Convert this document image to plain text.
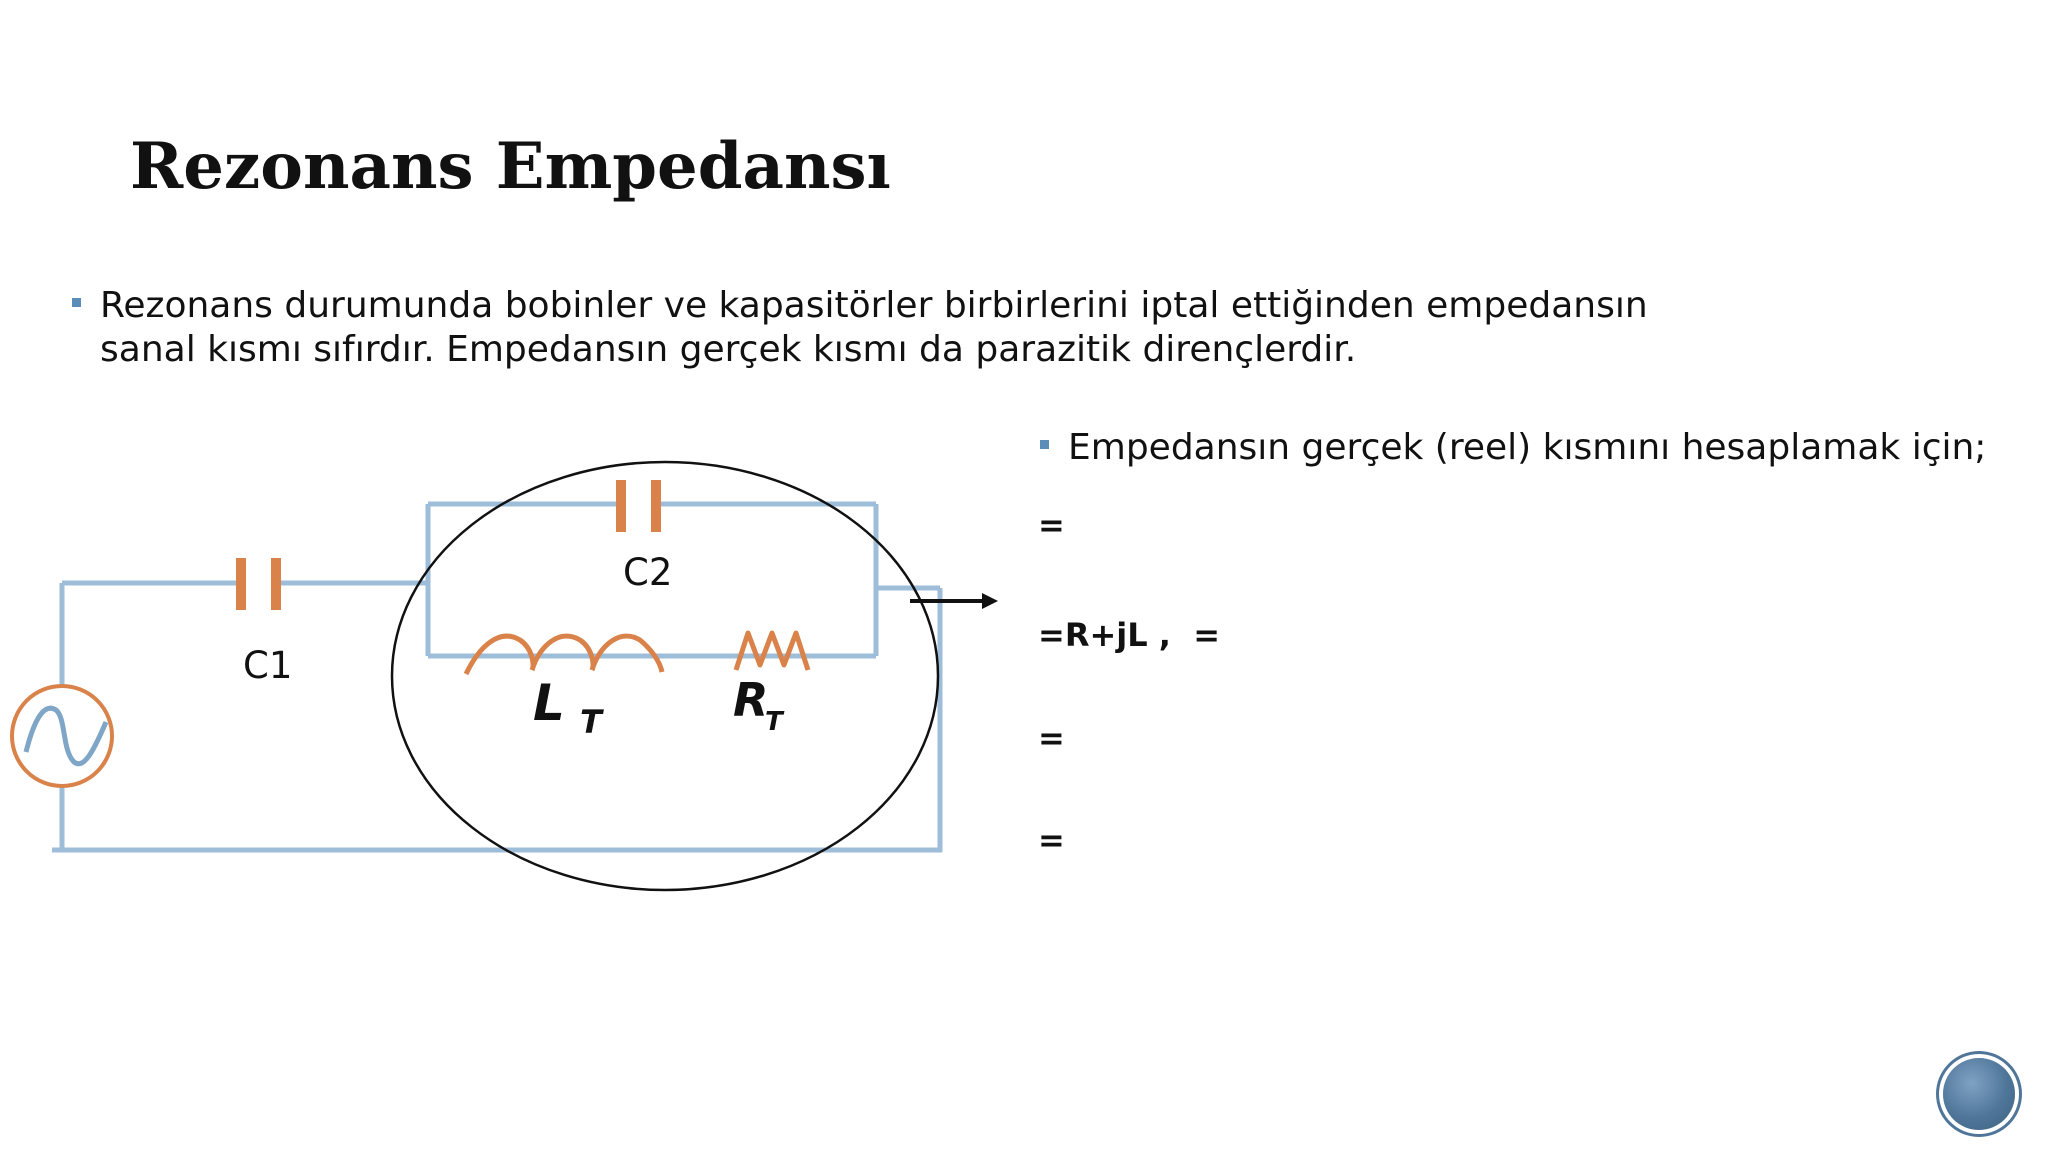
Rezonans Empedansı
Rezonans durumunda bobinler ve kapasitörler birbirlerini iptal ettiğinden empedansın sanal kısmı sıfırdır. Empedansın gerçek kısmı da parazitik dirençlerdir.
C1
C2
L T	R
T
Empedansın gerçek (reel) kısmını hesaplamak için;
=
=R+jL ,  =
=
=
